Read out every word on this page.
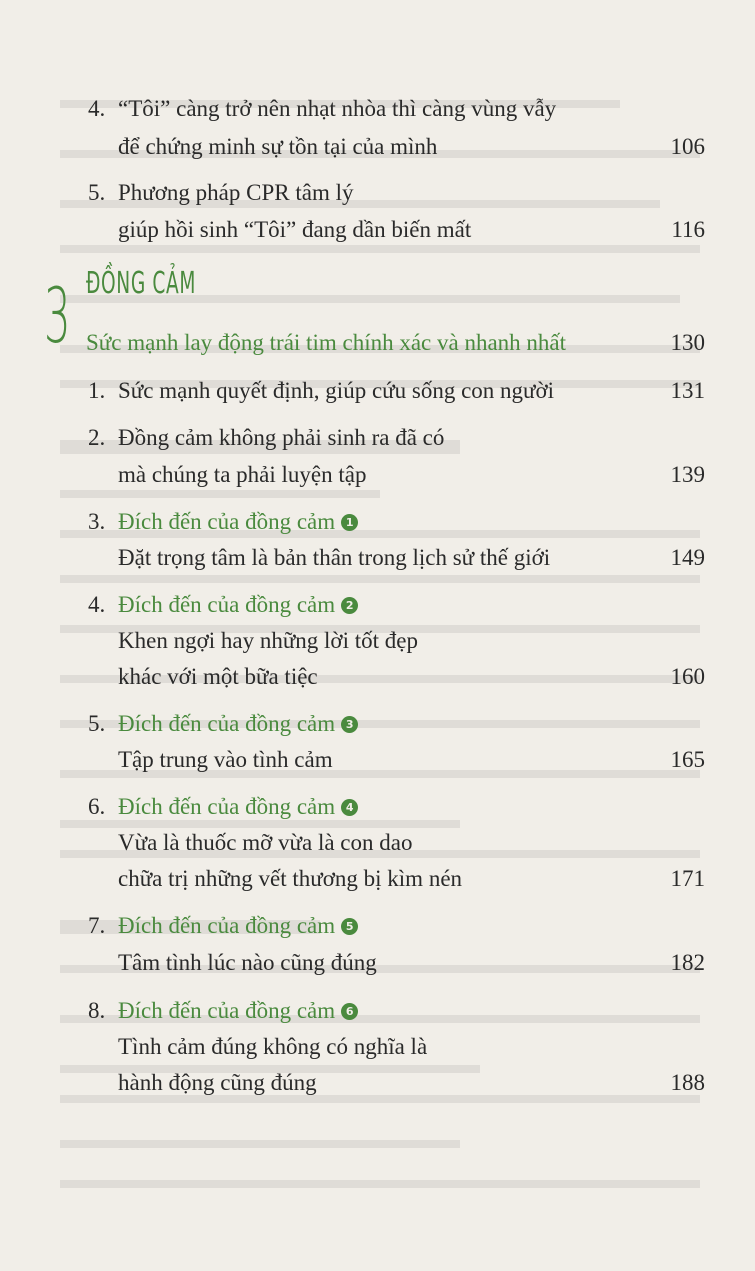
4. “Tôi” càng trở nên nhạt nhòa thì càng vùng vẫy
để chứng minh sự tồn tại của mình	106
5. Phương pháp CPR tâm lý
giúp hồi sinh “Tôi” đang dần biến mất	116
3 ĐỒNG CẢM
Sức mạnh lay động trái tim chính xác và nhanh nhất	130
1. Sức mạnh quyết định, giúp cứu sống con người	131
2. Đồng cảm không phải sinh ra đã có
mà chúng ta phải luyện tập	139
3. Đích đến của đồng cảm 1
Đặt trọng tâm là bản thân trong lịch sử thế giới	149
4. Đích đến của đồng cảm 2
Khen ngợi hay những lời tốt đẹp
khác với một bữa tiệc	160
5. Đích đến của đồng cảm 3
Tập trung vào tình cảm	165
6. Đích đến của đồng cảm 4
Vừa là thuốc mỡ vừa là con dao
chữa trị những vết thương bị kìm nén	171
7. Đích đến của đồng cảm 5
Tâm tình lúc nào cũng đúng	182
8. Đích đến của đồng cảm 6
Tình cảm đúng không có nghĩa là
hành động cũng đúng	188
